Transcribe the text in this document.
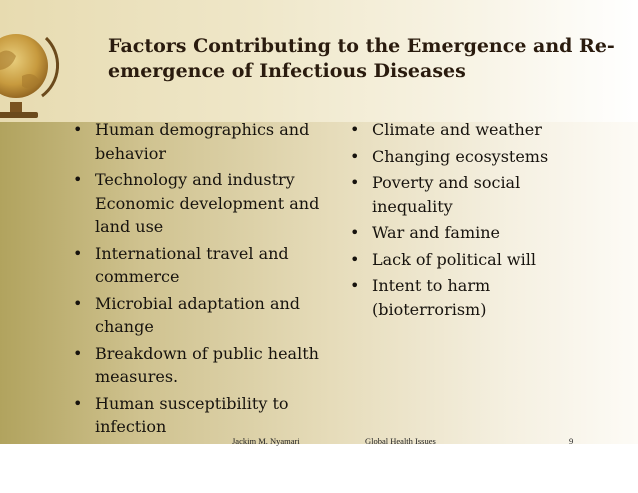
Factors Contributing to the Emergence and Re-emergence of Infectious Diseases
• Human demographics and behavior
• Technology and industry Economic development and land use
• International travel and commerce
• Microbial adaptation and change
• Breakdown of public health measures.
• Human susceptibility to infection
• Climate and weather
• Changing ecosystems
• Poverty and social inequality
• War and famine
• Lack of political will
• Intent to harm (bioterrorism)
Jackim M. Nyamari	Global Health Issues	9
